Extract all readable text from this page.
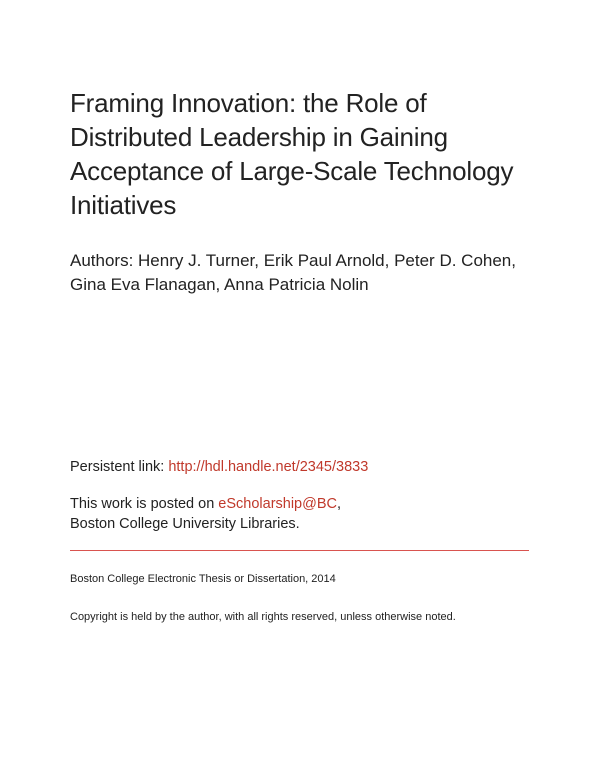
Framing Innovation: the Role of
Distributed Leadership in Gaining
Acceptance of Large-Scale Technology
Initiatives
Authors: Henry J. Turner, Erik Paul Arnold, Peter D. Cohen,
Gina Eva Flanagan, Anna Patricia Nolin
Persistent link: http://hdl.handle.net/2345/3833
This work is posted on eScholarship@BC,
Boston College University Libraries.
Boston College Electronic Thesis or Dissertation, 2014
Copyright is held by the author, with all rights reserved, unless otherwise noted.
